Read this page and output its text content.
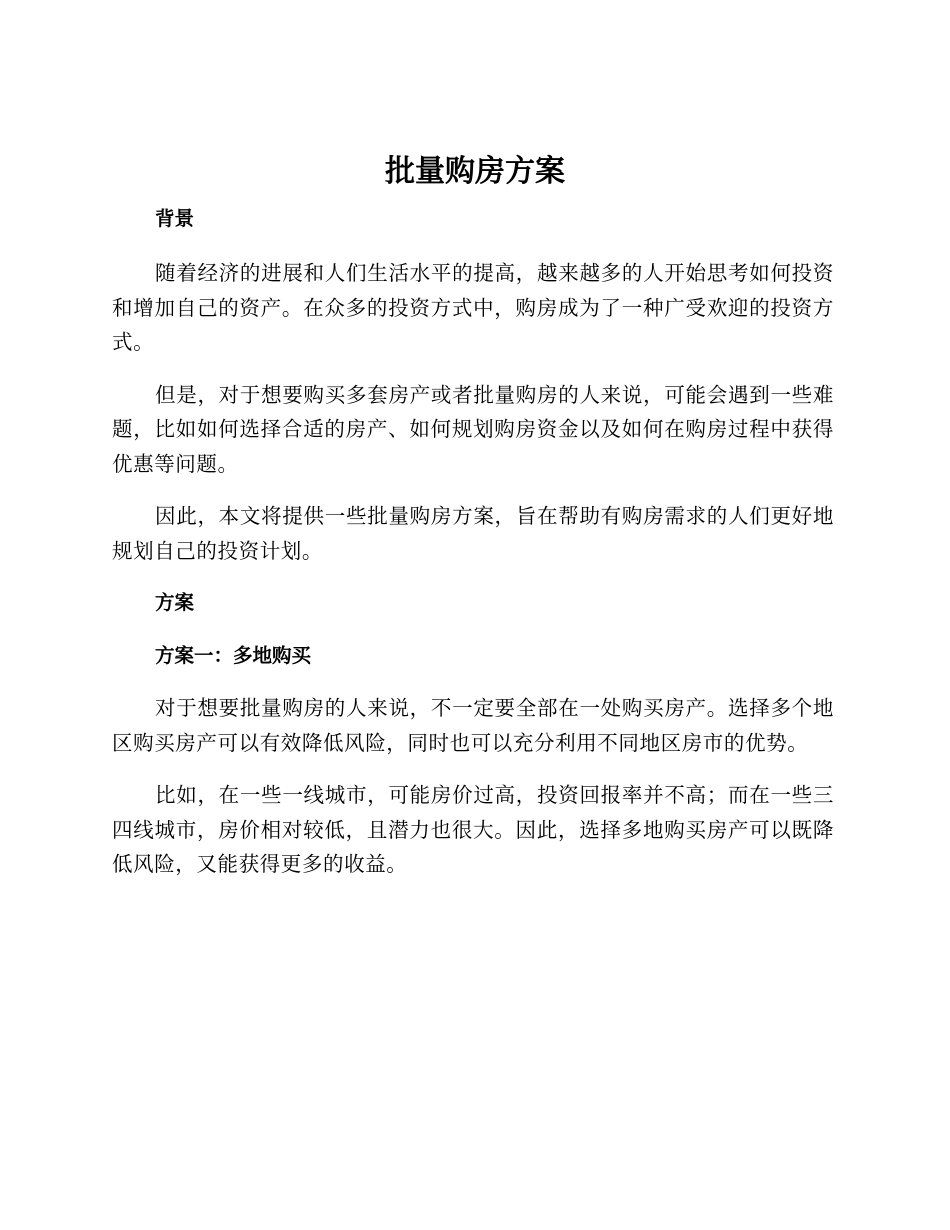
批量购房方案

背景

随着经济的进展和人们生活水平的提高，越来越多的人开始思考如何投资和增加自己的资产。在众多的投资方式中，购房成为了一种广受欢迎的投资方式。

但是，对于想要购买多套房产或者批量购房的人来说，可能会遇到一些难题，比如如何选择合适的房产、如何规划购房资金以及如何在购房过程中获得优惠等问题。

因此，本文将提供一些批量购房方案，旨在帮助有购房需求的人们更好地规划自己的投资计划。

方案

方案一：多地购买

对于想要批量购房的人来说，不一定要全部在一处购买房产。选择多个地区购买房产可以有效降低风险，同时也可以充分利用不同地区房市的优势。

比如，在一些一线城市，可能房价过高，投资回报率并不高；而在一些三四线城市，房价相对较低，且潜力也很大。因此，选择多地购买房产可以既降低风险，又能获得更多的收益。
